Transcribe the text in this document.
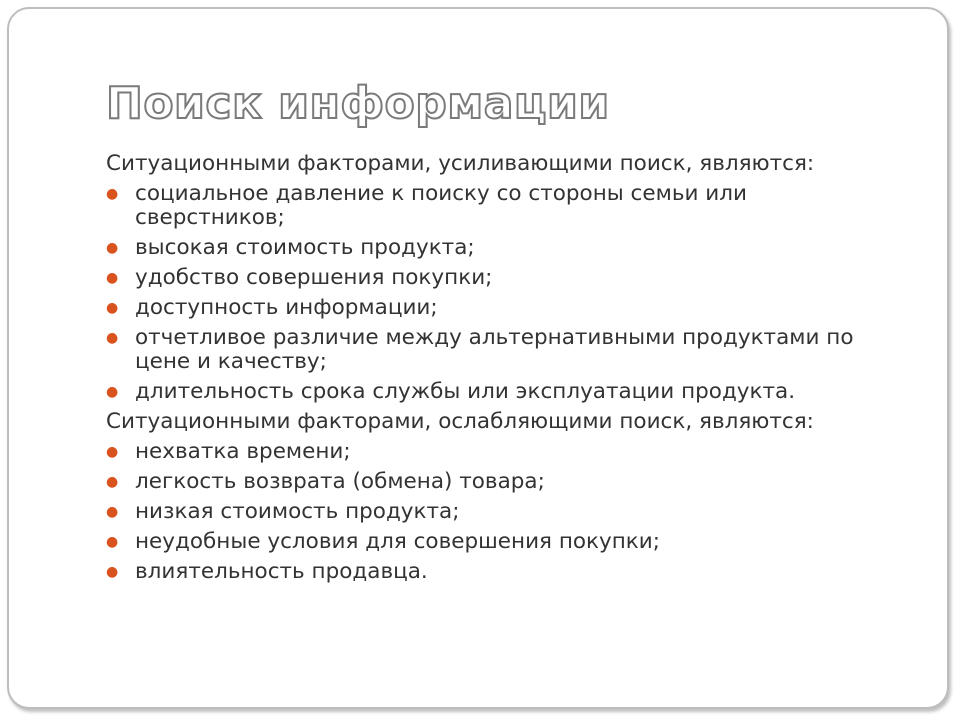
Поиск информации
Ситуационными факторами, усиливающими поиск, являются:
● социальное давление к поиску со стороны семьи или сверстников;
● высокая стоимость продукта;
● удобство совершения покупки;
● доступность информации;
● отчетливое различие между альтернативными продуктами по цене и качеству;
● длительность срока службы или эксплуатации продукта.
Ситуационными факторами, ослабляющими поиск, являются:
● нехватка времени;
● легкость возврата (обмена) товара;
● низкая стоимость продукта;
● неудобные условия для совершения покупки;
● влиятельность продавца.
